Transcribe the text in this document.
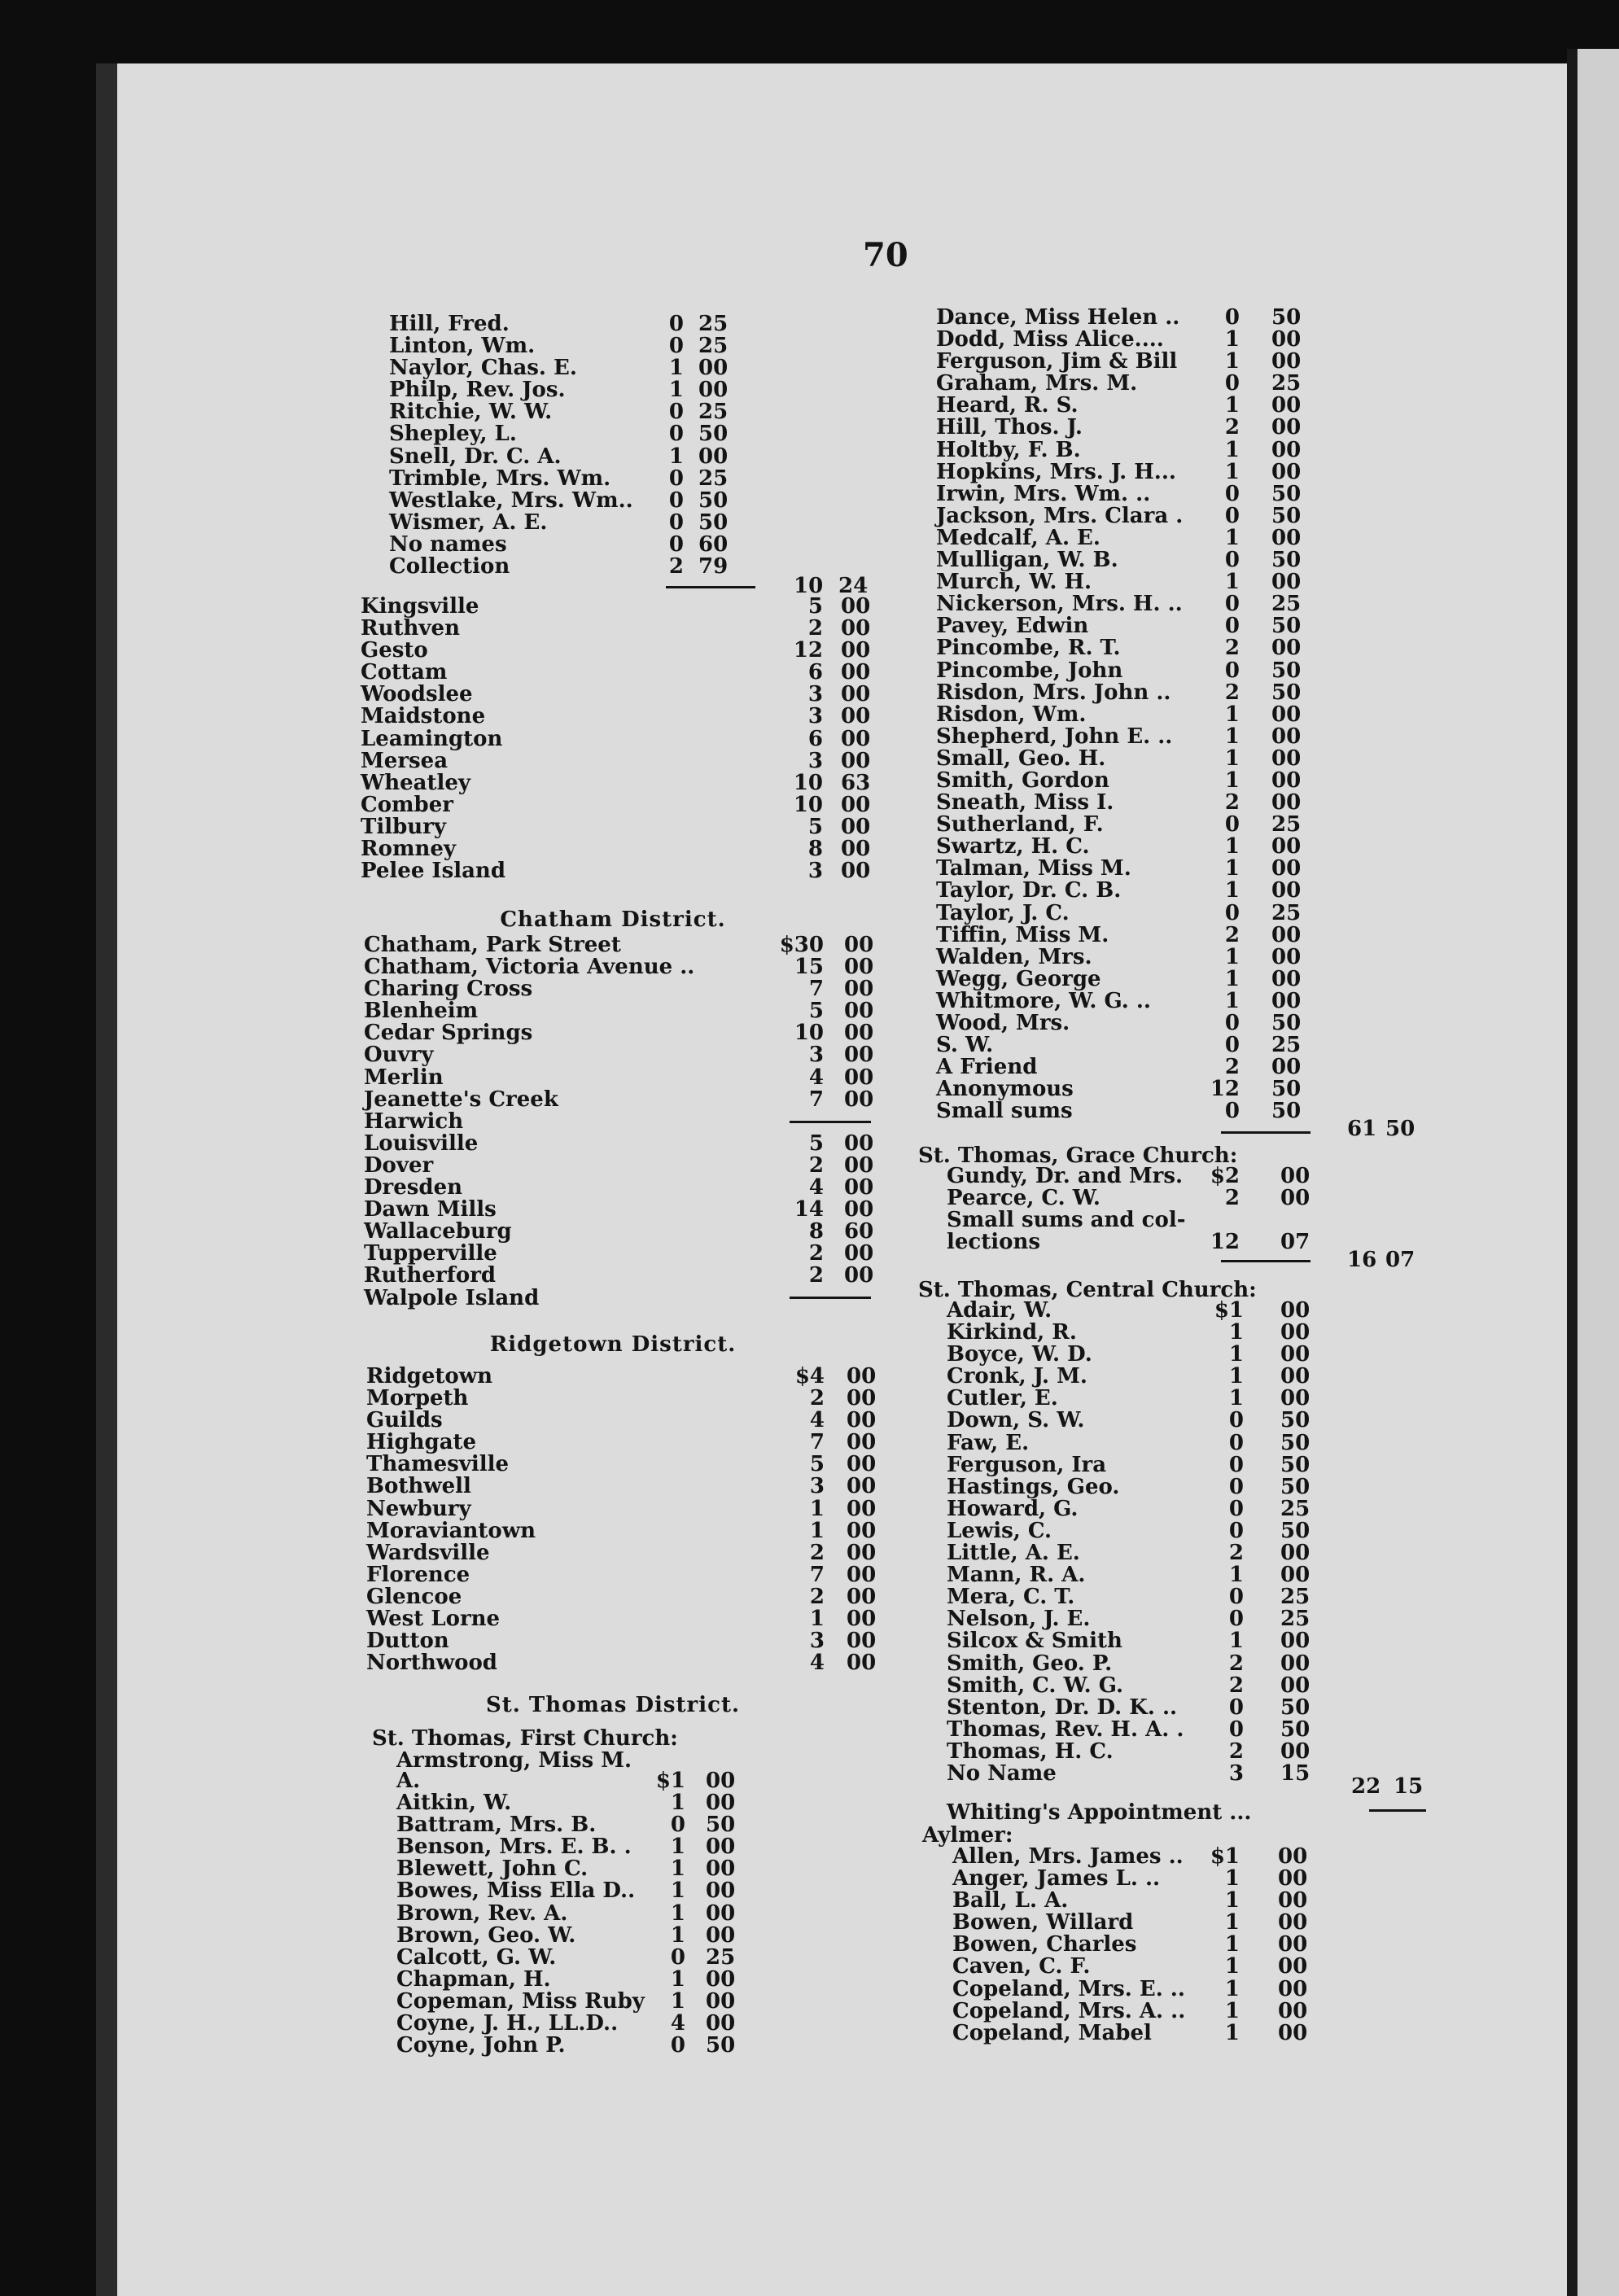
70
Hill, Fred.	0 25
Linton, Wm.	0 25
Naylor, Chas. E.	1 00
Philp, Rev. Jos.	1 00
Ritchie, W. W.	0 25
Shepley, L.	0 50
Snell, Dr. C. A.	1 00
Trimble, Mrs. Wm.	0 25
Westlake, Mrs. Wm..	0 50
Wismer, A. E.	0 50
No names	0 60
Collection	2 79
10 24
Kingsville	5 00
Ruthven	2 00
Gesto	12 00
Cottam	6 00
Woodslee	3 00
Maidstone	3 00
Leamington	6 00
Mersea	3 00
Wheatley	10 63
Comber	10 00
Tilbury	5 00
Romney	8 00
Pelee Island	3 00
Chatham District.
Chatham, Park Street	$30 00
Chatham, Victoria Avenue ..	15 00
Charing Cross	7 00
Blenheim	5 00
Cedar Springs	10 00
Ouvry	3 00
Merlin	4 00
Jeanette's Creek	7 00
Harwich
Louisville	5 00
Dover	2 00
Dresden	4 00
Dawn Mills	14 00
Wallaceburg	8 60
Tupperville	2 00
Rutherford	2 00
Walpole Island
Ridgetown District.
Ridgetown	$4 00
Morpeth	2 00
Guilds	4 00
Highgate	7 00
Thamesville	5 00
Bothwell	3 00
Newbury	1 00
Moraviantown	1 00
Wardsville	2 00
Florence	7 00
Glencoe	2 00
West Lorne	1 00
Dutton	3 00
Northwood	4 00
St. Thomas District.
St. Thomas, First Church:
Armstrong, Miss M.
A.	$1 00
Aitkin, W.	1 00
Battram, Mrs. B.	0 50
Benson, Mrs. E. B. .	1 00
Blewett, John C.	1 00
Bowes, Miss Ella D..	1 00
Brown, Rev. A.	1 00
Brown, Geo. W.	1 00
Calcott, G. W.	0 25
Chapman, H.	1 00
Copeman, Miss Ruby	1 00
Coyne, J. H., LL.D..	4 00
Coyne, John P.	0 50
Dance, Miss Helen ..	0 50
Dodd, Miss Alice....	1 00
Ferguson, Jim & Bill	1 00
Graham, Mrs. M.	0 25
Heard, R. S.	1 00
Hill, Thos. J.	2 00
Holtby, F. B.	1 00
Hopkins, Mrs. J. H...	1 00
Irwin, Mrs. Wm. ..	0 50
Jackson, Mrs. Clara .	0 50
Medcalf, A. E.	1 00
Mulligan, W. B.	0 50
Murch, W. H.	1 00
Nickerson, Mrs. H. ..	0 25
Pavey, Edwin	0 50
Pincombe, R. T.	2 00
Pincombe, John	0 50
Risdon, Mrs. John ..	2 50
Risdon, Wm.	1 00
Shepherd, John E. ..	1 00
Small, Geo. H.	1 00
Smith, Gordon	1 00
Sneath, Miss I.	2 00
Sutherland, F.	0 25
Swartz, H. C.	1 00
Talman, Miss M.	1 00
Taylor, Dr. C. B.	1 00
Taylor, J. C.	0 25
Tiffin, Miss M.	2 00
Walden, Mrs.	1 00
Wegg, George	1 00
Whitmore, W. G. ..	1 00
Wood, Mrs.	0 50
S. W.	0 25
A Friend	2 00
Anonymous	12 50
Small sums	0 50
61 50
St. Thomas, Grace Church:
Gundy, Dr. and Mrs.	$2 00
Pearce, C. W.	2 00
Small sums and col-
lections	12 07
16 07
St. Thomas, Central Church:
Adair, W.	$1 00
Kirkind, R.	1 00
Boyce, W. D.	1 00
Cronk, J. M.	1 00
Cutler, E.	1 00
Down, S. W.	0 50
Faw, E.	0 50
Ferguson, Ira	0 50
Hastings, Geo.	0 50
Howard, G.	0 25
Lewis, C.	0 50
Little, A. E.	2 00
Mann, R. A.	1 00
Mera, C. T.	0 25
Nelson, J. E.	0 25
Silcox & Smith	1 00
Smith, Geo. P.	2 00
Smith, C. W. G.	2 00
Stenton, Dr. D. K. ..	0 50
Thomas, Rev. H. A. .	0 50
Thomas, H. C.	2 00
No Name	3 15
22 15
Whiting's Appointment ...
Aylmer:
Allen, Mrs. James ..	$1 00
Anger, James L. ..	1 00
Ball, L. A.	1 00
Bowen, Willard	1 00
Bowen, Charles	1 00
Caven, C. F.	1 00
Copeland, Mrs. E. ..	1 00
Copeland, Mrs. A. ..	1 00
Copeland, Mabel	1 00
